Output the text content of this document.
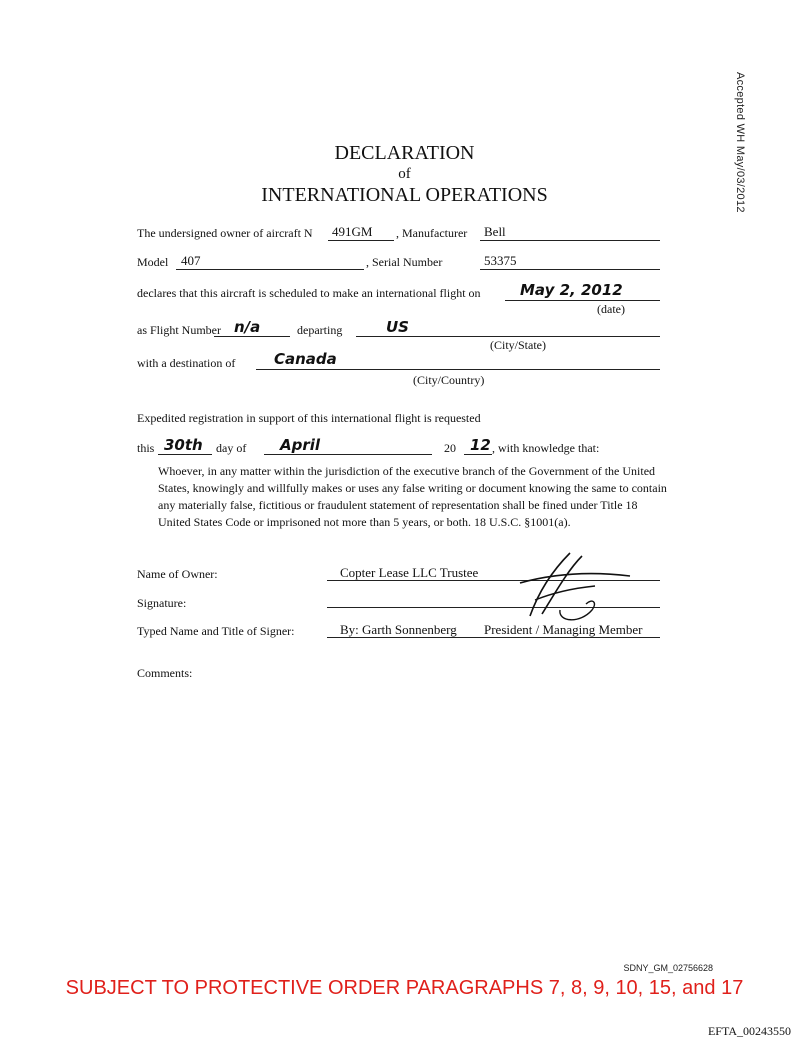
Accepted WH May/03/2012
DECLARATION
of
INTERNATIONAL OPERATIONS
The undersigned owner of aircraft N 491GM , Manufacturer Bell
Model 407	, Serial Number	53375
declares that this aircraft is scheduled to make an international flight on	May 2, 2012
(date)
as Flight Number n/a	departing	US
(City/State)
with a destination of	Canada
(City/Country)
Expedited registration in support of this international flight is requested
this 30th day of April	20 12 , with knowledge that:

Whoever, in any matter within the jurisdiction of the executive branch of the Government of the United States, knowingly and willfully makes or uses any false writing or document knowing the same to contain any materially false, fictitious or fraudulent statement of representation shall be fined under Title 18 United States Code or imprisoned not more than 5 years, or both. 18 U.S.C. §1001(a).

Name of Owner:	Copter Lease LLC Trustee
Signature:
Typed Name and Title of Signer:	By: Garth Sonnenberg President / Managing Member
Comments:
SDNY_GM_02756628
SUBJECT TO PROTECTIVE ORDER PARAGRAPHS 7, 8, 9, 10, 15, and 17
EFTA_00243550
